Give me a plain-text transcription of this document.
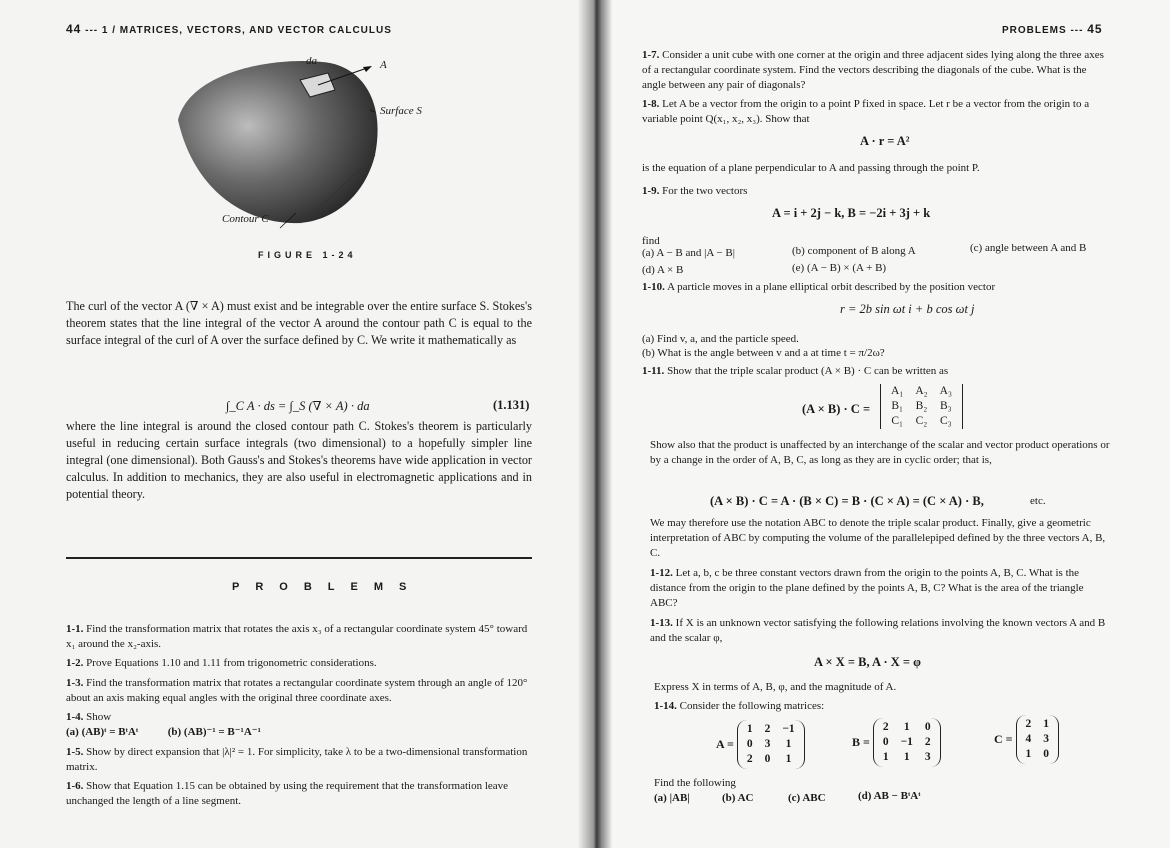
44 --- 1 / MATRICES, VECTORS, AND VECTOR CALCULUS
da	A
Surface S
Contour C
FIGURE 1-24

The curl of the vector A (∇ × A) must exist and be integrable over the entire surface S. Stokes's theorem states that the line integral of the vector A around the contour path C is equal to the surface integral of the curl of A over the surface defined by C. We write it mathematically as

∫_C A · ds = ∫_S (∇ × A) · da	(1.131)

where the line integral is around the closed contour path C. Stokes's theorem is particularly useful in reducing certain surface integrals (two dimensional) to a hopefully simpler line integral (one dimensional). Both Gauss's and Stokes's theorems have wide application in vector calculus. In addition to mechanics, they are also useful in electromagnetic applications and in potential theory.

PROBLEMS
1-1. Find the transformation matrix that rotates the axis x₃ of a rectangular coordinate system 45° toward x₁ around the x₂-axis.
1-2. Prove Equations 1.10 and 1.11 from trigonometric considerations.
1-3. Find the transformation matrix that rotates a rectangular coordinate system through an angle of 120° about an axis making equal angles with the original three coordinate axes.
1-4. Show
(a) (AB)ᵗ = BᵗAᵗ	(b) (AB)⁻¹ = B⁻¹A⁻¹
1-5. Show by direct expansion that |λ|² = 1. For simplicity, take λ to be a two-dimensional transformation matrix.
1-6. Show that Equation 1.15 can be obtained by using the requirement that the transformation leave unchanged the length of a line segment.
PROBLEMS --- 45
1-7. Consider a unit cube with one corner at the origin and three adjacent sides lying along the three axes of a rectangular coordinate system. Find the vectors describing the diagonals of the cube. What is the angle between any pair of diagonals?
1-8. Let A be a vector from the origin to a point P fixed in space. Let r be a vector from the origin to a variable point Q(x₁, x₂, x₃). Show that
A · r = A²
is the equation of a plane perpendicular to A and passing through the point P.
1-9. For the two vectors
A = i + 2j − k, B = −2i + 3j + k
find
(a) A − B and |A − B|	(b) component of B along A	(c) angle between A and B
(d) A × B	(e) (A − B) × (A + B)
1-10. A particle moves in a plane elliptical orbit described by the position vector
r = 2b sin ωt i + b cos ωt j
(a) Find v, a, and the particle speed.
(b) What is the angle between v and a at time t = π/2ω?
1-11. Show that the triple scalar product (A × B) · C can be written as
(A × B) · C =
A₁	A₂	A₃
B₁	B₂	B₃
C₁	C₂	C₃
Show also that the product is unaffected by an interchange of the scalar and vector product operations or by a change in the order of A, B, C, as long as they are in cyclic order; that is,
(A × B) · C = A · (B × C) = B · (C × A) = (C × A) · B,	etc.
We may therefore use the notation ABC to denote the triple scalar product. Finally, give a geometric interpretation of ABC by computing the volume of the parallelepiped defined by the three vectors A, B, C.
1-12. Let a, b, c be three constant vectors drawn from the origin to the points A, B, C. What is the distance from the origin to the plane defined by the points A, B, C? What is the area of the triangle ABC?
1-13. If X is an unknown vector satisfying the following relations involving the known vectors A and B and the scalar φ,
A × X = B, A · X = φ
Express X in terms of A, B, φ, and the magnitude of A.
1-14. Consider the following matrices:
A =
1	2	−1
0	3	1
2	0	1
B =
2	1	0
0	−1	2
1	1	3
C =
2	1
4	3
1	0
Find the following
(a) |AB|	(b) AC	(c) ABC	(d) AB − BᵗAᵗ
